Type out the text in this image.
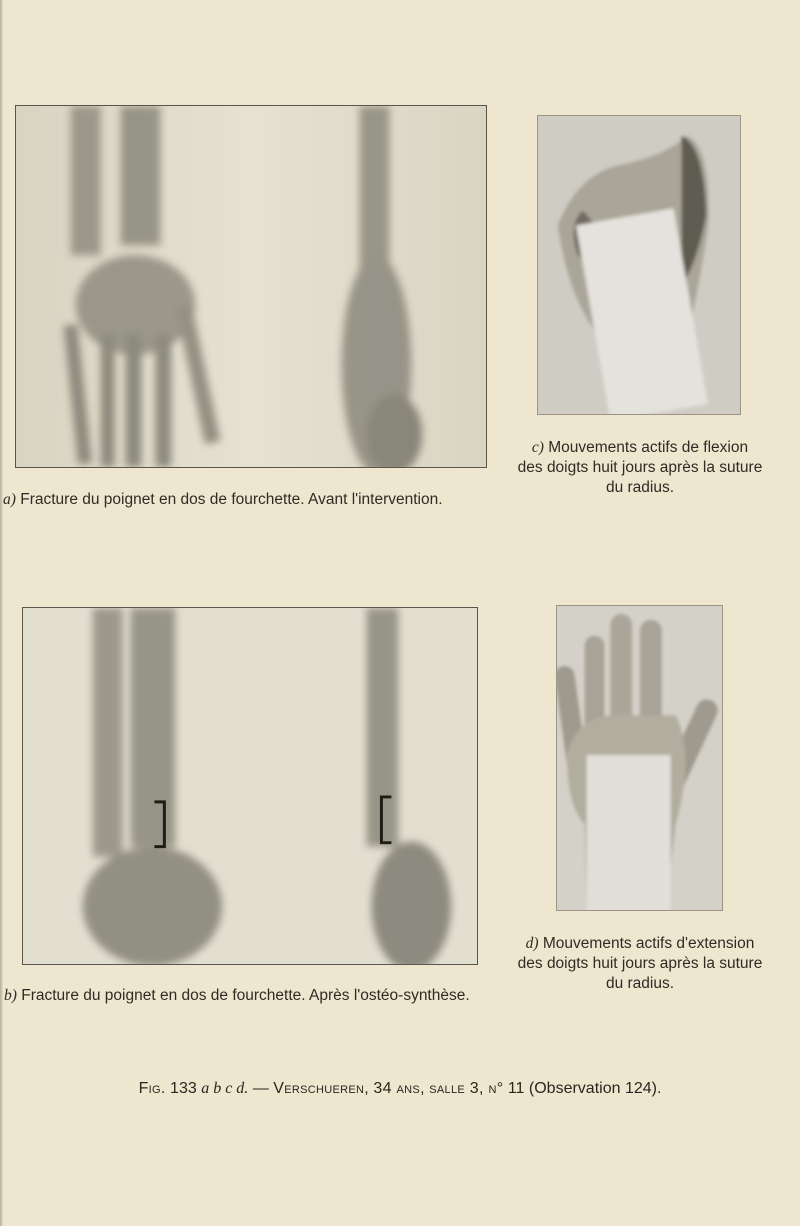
a) Fracture du poignet en dos de fourchette. Avant l'intervention.
c) Mouvements actifs de flexion
des doigts huit jours après la suture
du radius.
b) Fracture du poignet en dos de fourchette. Après l'ostéo-synthèse.
d) Mouvements actifs d'extension
des doigts huit jours après la suture
du radius.
Fig. 133 a b c d. — Verschueren, 34 ans, salle 3, n° 11 (Observation 124).
